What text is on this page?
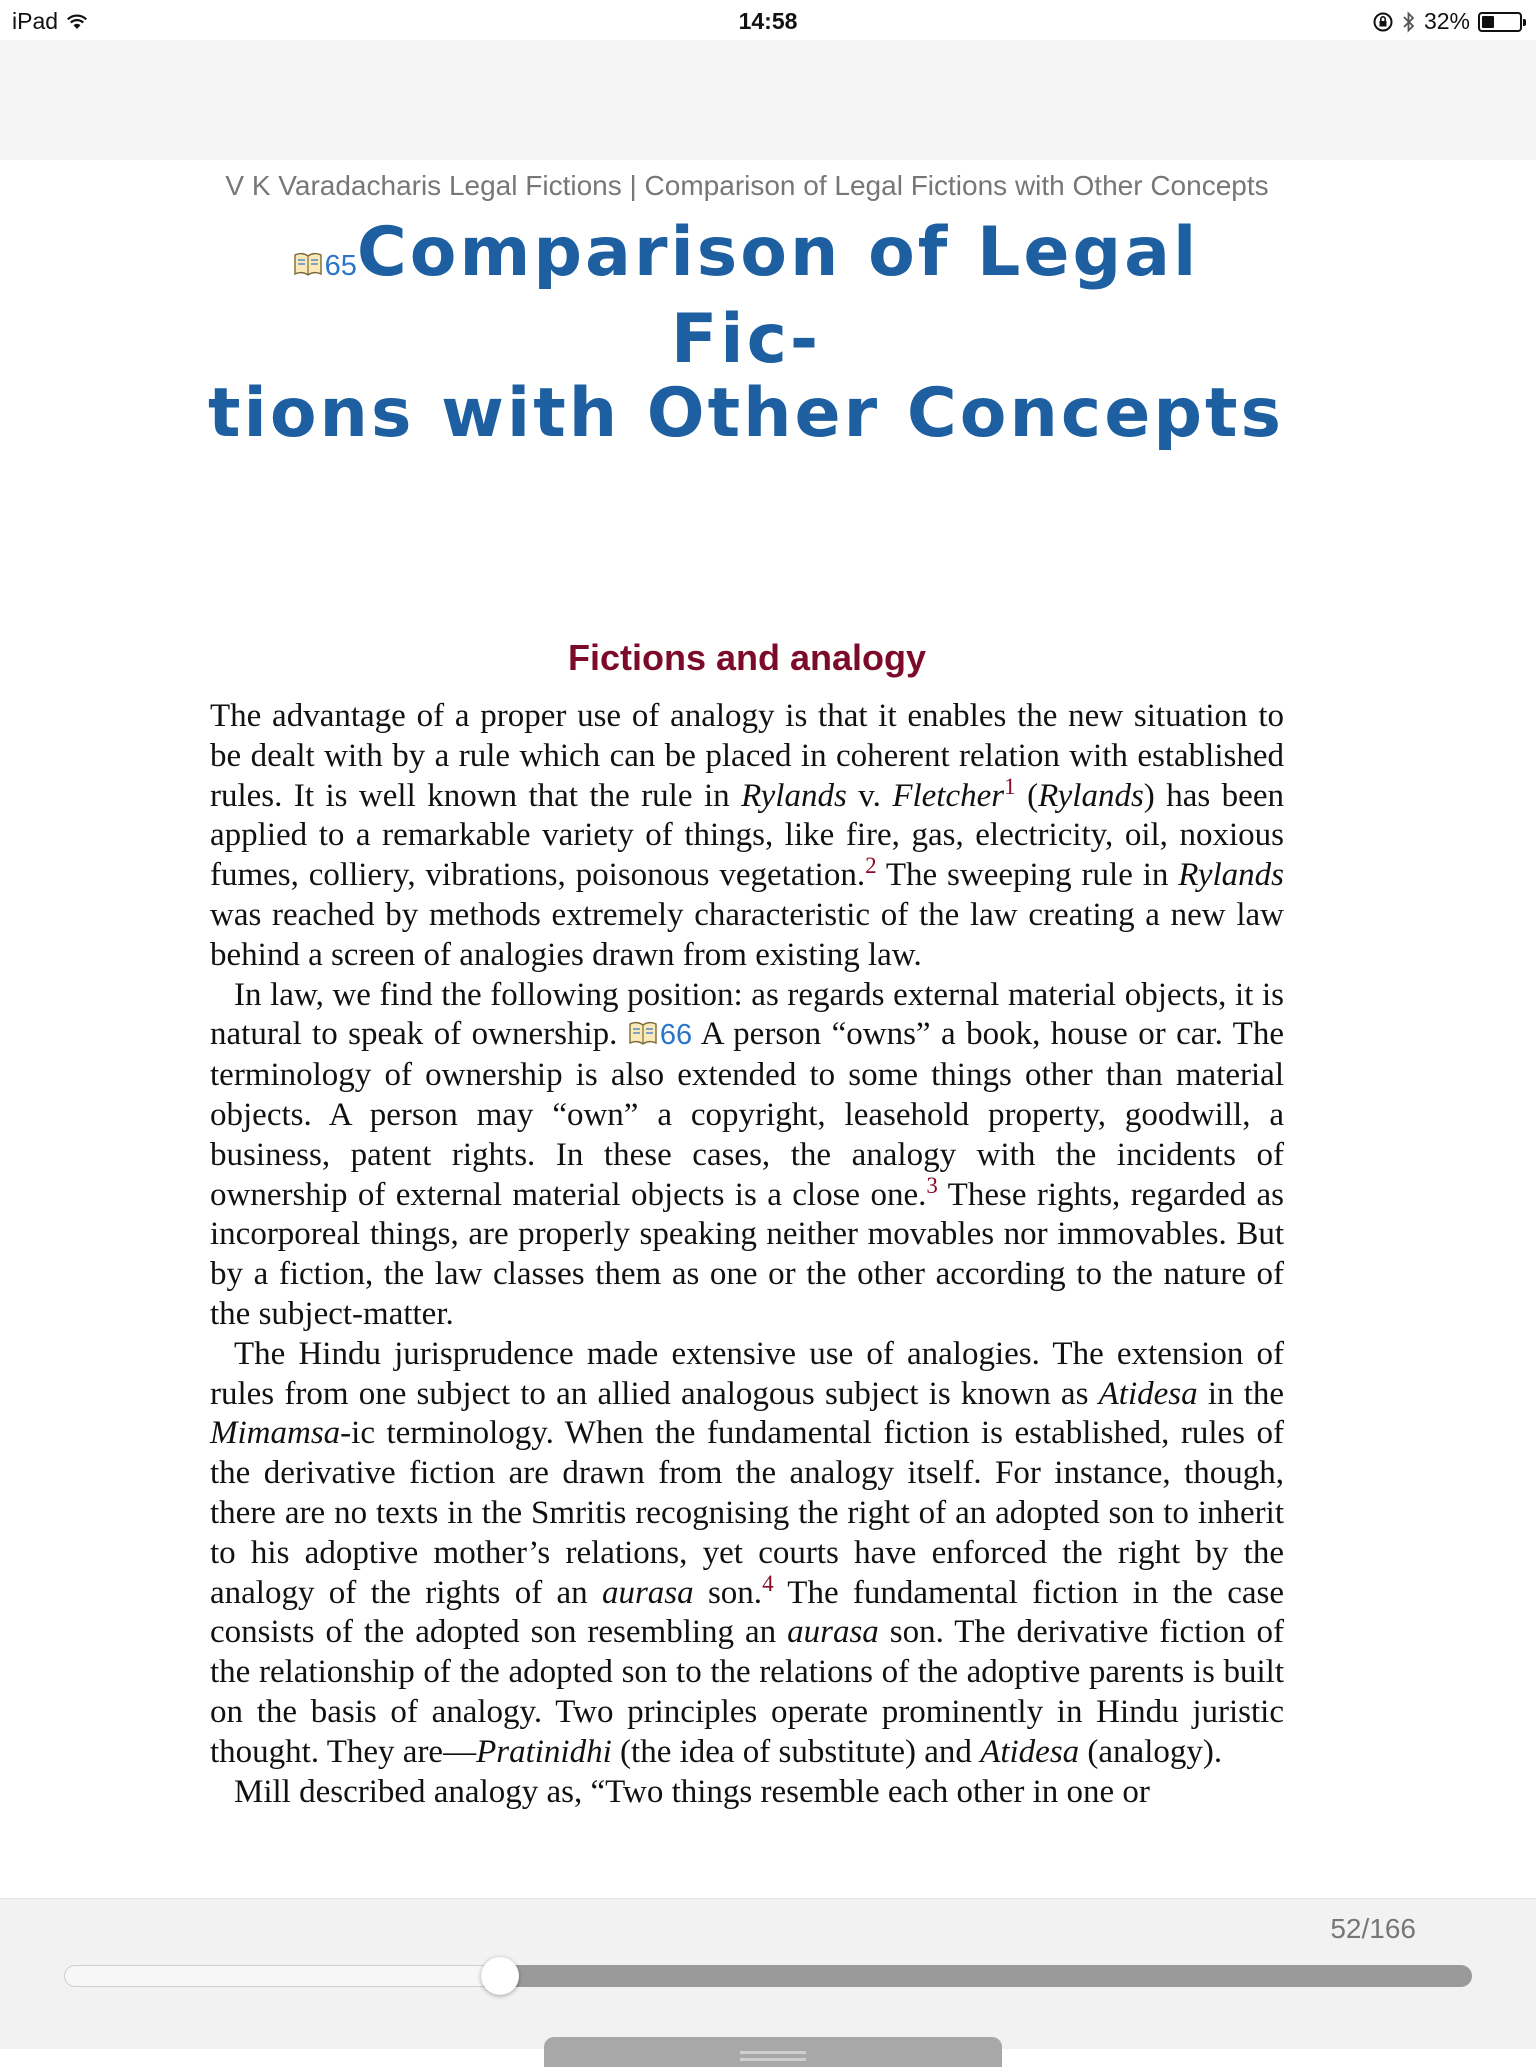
iPad	14:58	32%
V K Varadacharis Legal Fictions | Comparison of Legal Fictions with Other Concepts
65Comparison of Legal Fic-
tions with Other Concepts
Fictions and analogy

The advantage of a proper use of analogy is that it enables the new situation to be dealt with by a rule which can be placed in coherent relation with established rules. It is well known that the rule in Rylands v. Fletcher$^1$ (Rylands) has been applied to a remarkable variety of things, like fire, gas, electricity, oil, noxious fumes, colliery, vibrations, poisonous vegetation.$^2$ The sweeping rule in Rylands was reached by methods extremely characteristic of the law creating a new law behind a screen of analogies drawn from existing law.

In law, we find the following position: as regards external material objects, it is natural to speak of ownership. 66 A person “owns” a book, house or car. The terminology of ownership is also extended to some things other than material objects. A person may “own” a copyright, leasehold property, goodwill, a business, patent rights. In these cases, the analogy with the incidents of ownership of external material objects is a close one.$^3$ These rights, regarded as incorporeal things, are properly speaking neither movables nor immovables. But by a fiction, the law classes them as one or the other according to the nature of the subject-matter.

The Hindu jurisprudence made extensive use of analogies. The extension of rules from one subject to an allied analogous subject is known as Atidesa in the Mimamsa-ic terminology. When the fundamental fiction is established, rules of the derivative fiction are drawn from the analogy itself. For instance, though, there are no texts in the Smritis recognising the right of an adopted son to inherit to his adoptive mother’s relations, yet courts have enforced the right by the analogy of the rights of an aurasa son.$^4$ The fundamental fiction in the case consists of the adopted son resembling an aurasa son. The derivative fiction of the relationship of the adopted son to the relations of the adoptive parents is built on the basis of analogy. Two principles operate prominently in Hindu juristic thought. They are—Pratinidhi (the idea of substitute) and Atidesa (analogy).

Mill described analogy as, “Two things resemble each other in one or

52/166
